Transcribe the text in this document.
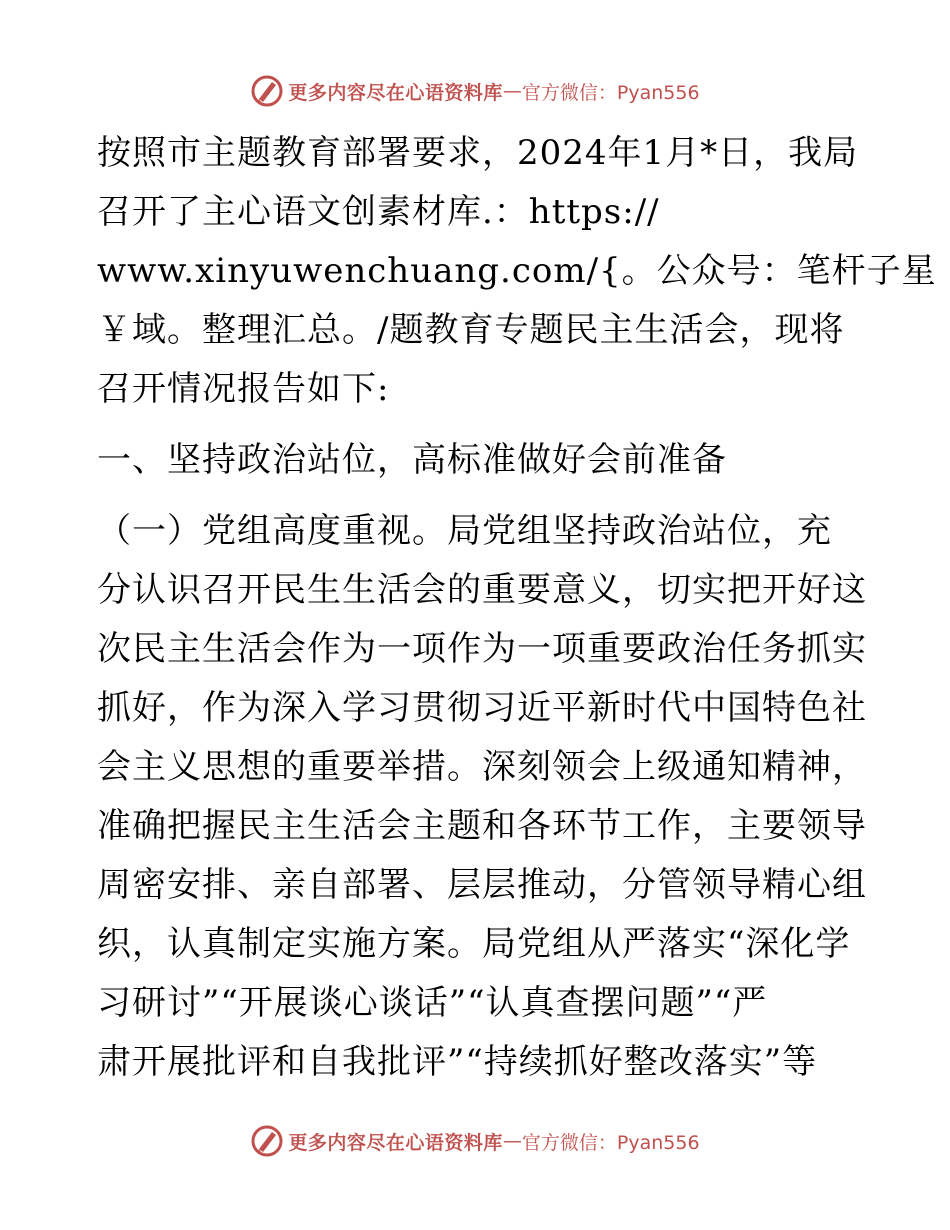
更多内容尽在心语资料库 — 官方微信：Pyan556
按照市主题教育部署要求，2024年1月*日，我局
召开了主心语文创素材库.：https://
www.xinyuwenchuang.com/{。公众号：笔杆子星
￥域。整理汇总。/题教育专题民主生活会，现将
召开情况报告如下:
一、坚持政治站位，高标准做好会前准备
（一）党组高度重视。局党组坚持政治站位，充
分认识召开民生生活会的重要意义，切实把开好这
次民主生活会作为一项作为一项重要政治任务抓实
抓好，作为深入学习贯彻习近平新时代中国特色社
会主义思想的重要举措。深刻领会上级通知精神，
准确把握民主生活会主题和各环节工作，主要领导
周密安排、亲自部署、层层推动，分管领导精心组
织，认真制定实施方案。局党组从严落实“深化学
习研讨”“开展谈心谈话”“认真查摆问题”“严
肃开展批评和自我批评”“持续抓好整改落实”等
更多内容尽在心语资料库 — 官方微信：Pyan556
